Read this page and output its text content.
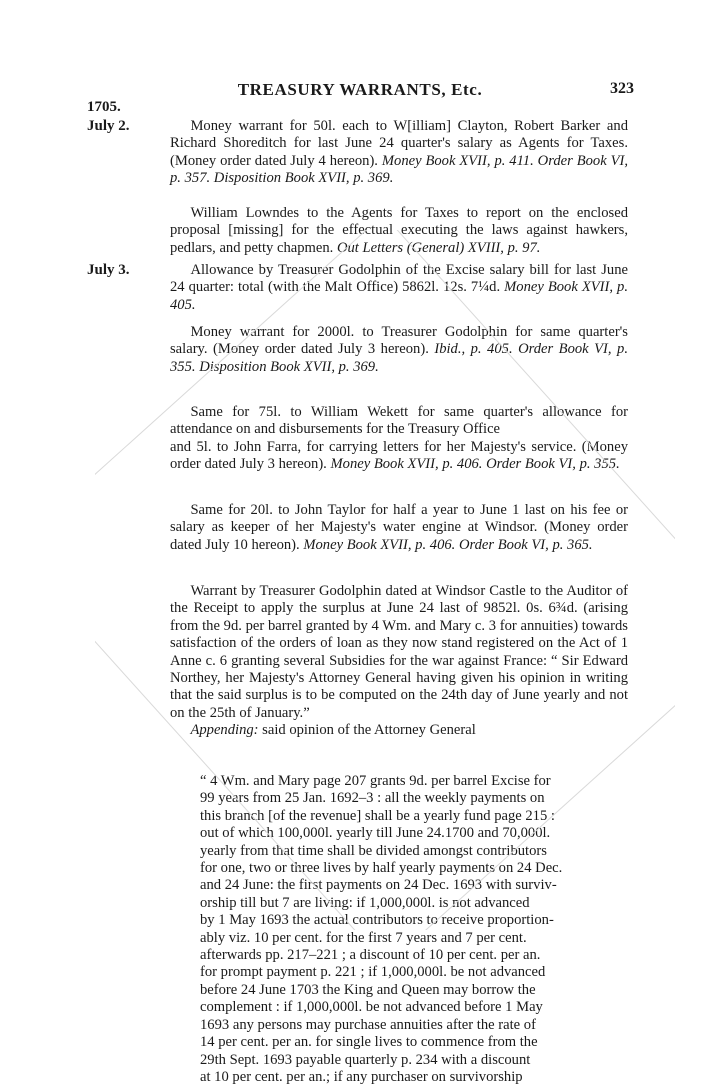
TREASURY WARRANTS, Etc.	323
1705.
July 2.	Money warrant for 50l. each to W[illiam] Clayton, Robert Barker and Richard Shoreditch for last June 24 quarter's salary as Agents for Taxes. (Money order dated July 4 hereon). Money Book XVII, p. 411. Order Book VI, p. 357. Disposition Book XVII, p. 369.

William Lowndes to the Agents for Taxes to report on the enclosed proposal [missing] for the effectual executing the laws against hawkers, pedlars, and petty chapmen. Out Letters (General) XVIII, p. 97.

July 3.	Allowance by Treasurer Godolphin of the Excise salary bill for last June 24 quarter: total (with the Malt Office) 5862l. 12s. 7¼d. Money Book XVII, p. 405.

Money warrant for 2000l. to Treasurer Godolphin for same quarter's salary. (Money order dated July 3 hereon). Ibid., p. 405. Order Book VI, p. 355. Disposition Book XVII, p. 369.

Same for 75l. to William Wekett for same quarter's allowance for attendance on and disbursements for the Treasury Office

and 5l. to John Farra, for carrying letters for her Majesty's service. (Money order dated July 3 hereon). Money Book XVII, p. 406. Order Book VI, p. 355.

Same for 20l. to John Taylor for half a year to June 1 last on his fee or salary as keeper of her Majesty's water engine at Windsor. (Money order dated July 10 hereon). Money Book XVII, p. 406. Order Book VI, p. 365.

Warrant by Treasurer Godolphin dated at Windsor Castle to the Auditor of the Receipt to apply the surplus at June 24 last of 9852l. 0s. 6¾d. (arising from the 9d. per barrel granted by 4 Wm. and Mary c. 3 for annuities) towards satisfaction of the orders of loan as they now stand registered on the Act of 1 Anne c. 6 granting several Subsidies for the war against France: “ Sir Edward Northey, her Majesty's Attorney General having given his opinion in writing that the said surplus is to be computed on the 24th day of June yearly and not on the 25th of January.”

Appending: said opinion of the Attorney General

“ 4 Wm. and Mary page 207 grants 9d. per barrel Excise for
99 years from 25 Jan. 1692–3 : all the weekly payments on
this branch [of the revenue] shall be a yearly fund page 215 :
out of which 100,000l. yearly till June 24.1700 and 70,000l.
yearly from that time shall be divided amongst contributors
for one, two or three lives by half yearly payments on 24 Dec.
and 24 June: the first payments on 24 Dec. 1693 with surviv-
orship till but 7 are living: if 1,000,000l. is not advanced
by 1 May 1693 the actual contributors to receive proportion-
ably viz. 10 per cent. for the first 7 years and 7 per cent.
afterwards pp. 217–221 ; a discount of 10 per cent. per an.
for prompt payment p. 221 ; if 1,000,000l. be not advanced
before 24 June 1703 the King and Queen may borrow the
complement : if 1,000,000l. be not advanced before 1 May
1693 any persons may purchase annuities after the rate of
14 per cent. per an. for single lives to commence from the
29th Sept. 1693 payable quarterly p. 234 with a discount
at 10 per cent. per an.; if any purchaser on survivorship
